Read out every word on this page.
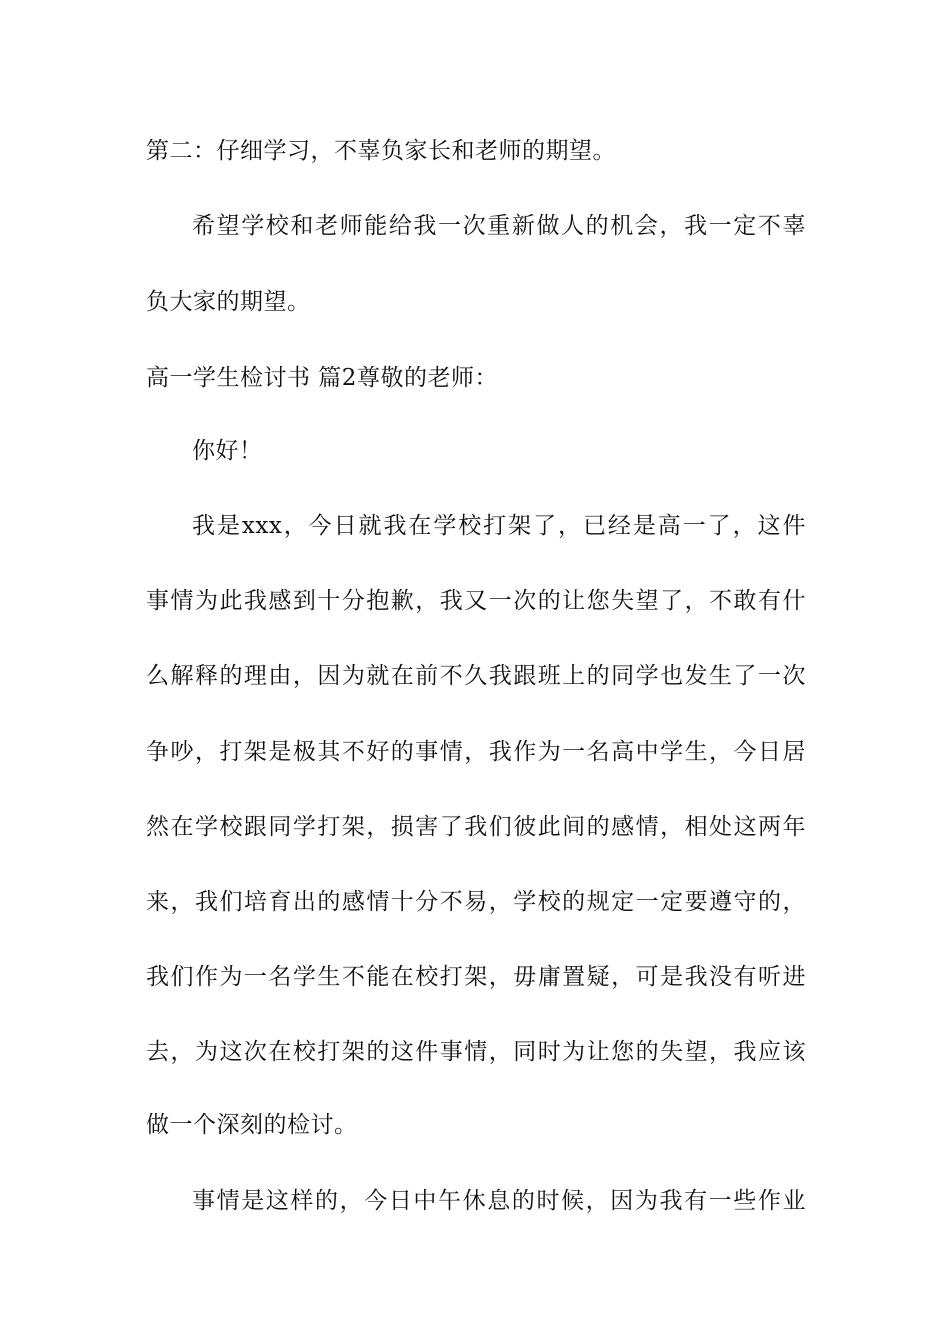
第二：仔细学习，不辜负家长和老师的期望。
希望学校和老师能给我一次重新做人的机会，我一定不辜
负大家的期望。
高一学生检讨书 篇2尊敬的老师：
你好！
我是xxx，今日就我在学校打架了，已经是高一了，这件
事情为此我感到十分抱歉，我又一次的让您失望了，不敢有什
么解释的理由，因为就在前不久我跟班上的同学也发生了一次
争吵，打架是极其不好的事情，我作为一名高中学生，今日居
然在学校跟同学打架，损害了我们彼此间的感情，相处这两年
来，我们培育出的感情十分不易，学校的规定一定要遵守的，
我们作为一名学生不能在校打架，毋庸置疑，可是我没有听进
去，为这次在校打架的这件事情，同时为让您的失望，我应该
做一个深刻的检讨。
事情是这样的，今日中午休息的时候，因为我有一些作业
